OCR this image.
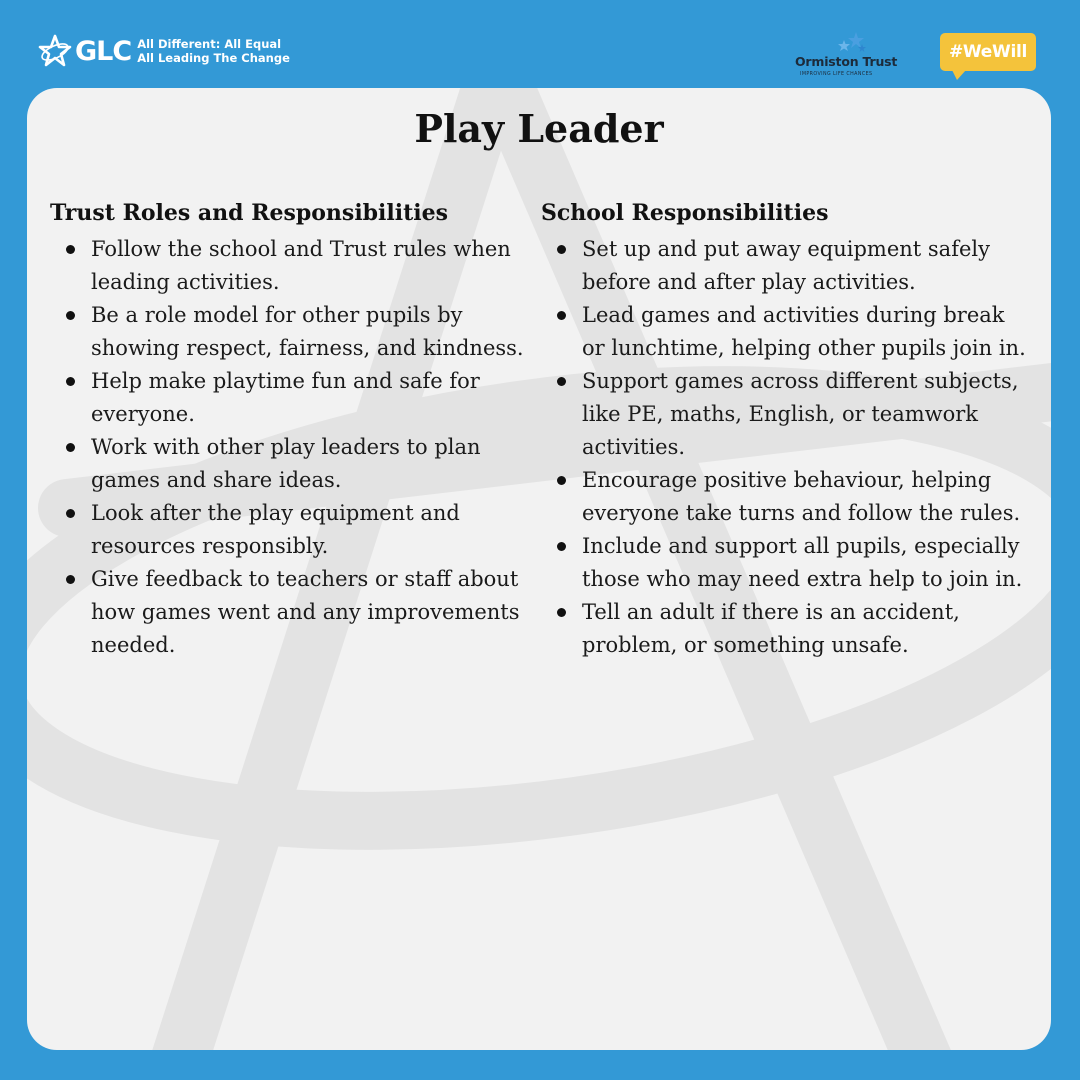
GLC All Different: All Equal
All Leading The Change	Ormiston Trust
IMPROVING LIFE CHANCES
#WeWill
Play Leader
Trust Roles and Responsibilities
Follow the school and Trust rules when leading activities.
Be a role model for other pupils by showing respect, fairness, and kindness.
Help make playtime fun and safe for everyone.
Work with other play leaders to plan games and share ideas.
Look after the play equipment and resources responsibly.
Give feedback to teachers or staff about how games went and any improvements needed.
School Responsibilities
Set up and put away equipment safely before and after play activities.
Lead games and activities during break or lunchtime, helping other pupils join in.
Support games across different subjects, like PE, maths, English, or teamwork activities.
Encourage positive behaviour, helping everyone take turns and follow the rules.
Include and support all pupils, especially those who may need extra help to join in.
Tell an adult if there is an accident, problem, or something unsafe.
